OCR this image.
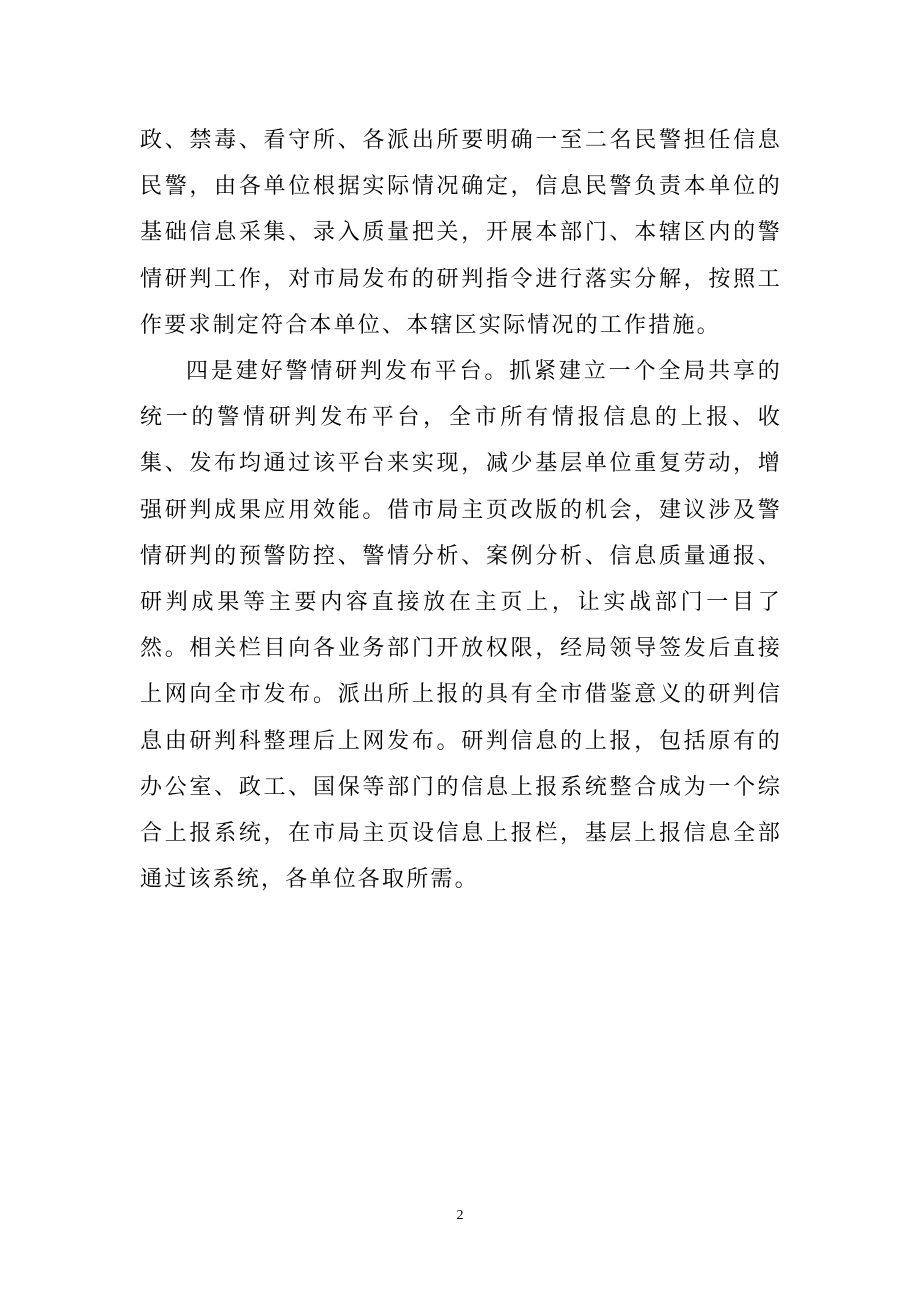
政、禁毒、看守所、各派出所要明确一至二名民警担任信息民警，由各单位根据实际情况确定，信息民警负责本单位的基础信息采集、录入质量把关，开展本部门、本辖区内的警情研判工作，对市局发布的研判指令进行落实分解，按照工作要求制定符合本单位、本辖区实际情况的工作措施。

四是建好警情研判发布平台。抓紧建立一个全局共享的统一的警情研判发布平台，全市所有情报信息的上报、收集、发布均通过该平台来实现，减少基层单位重复劳动，增强研判成果应用效能。借市局主页改版的机会，建议涉及警情研判的预警防控、警情分析、案例分析、信息质量通报、研判成果等主要内容直接放在主页上，让实战部门一目了然。相关栏目向各业务部门开放权限，经局领导签发后直接上网向全市发布。派出所上报的具有全市借鉴意义的研判信息由研判科整理后上网发布。研判信息的上报，包括原有的办公室、政工、国保等部门的信息上报系统整合成为一个综合上报系统，在市局主页设信息上报栏，基层上报信息全部通过该系统，各单位各取所需。

2
